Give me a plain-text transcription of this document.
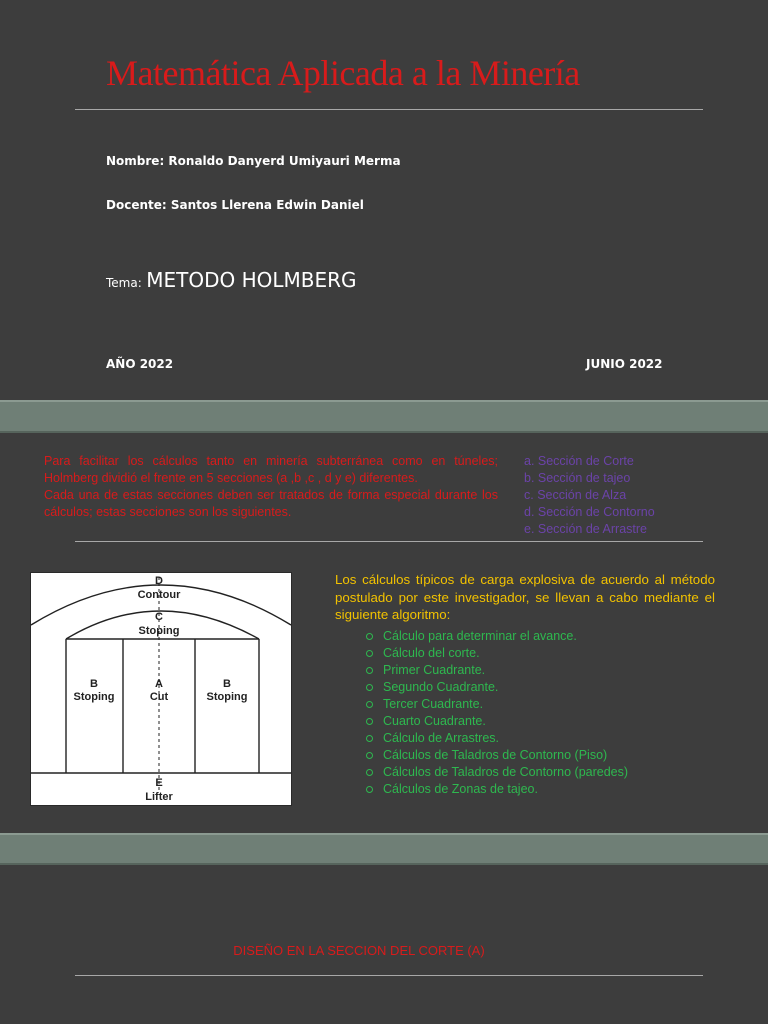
Matemática Aplicada a la Minería
Nombre: Ronaldo Danyerd Umiyauri Merma
Docente: Santos Llerena Edwin Daniel
Tema: METODO HOLMBERG
AÑO 2022	JUNIO 2022

Para facilitar los cálculos tanto en minería subterránea como en túneles; Holmberg dividió el frente en 5 secciones (a ,b ,c , d y e) diferentes.

Cada una de estas secciones deben ser tratados de forma especial durante los cálculos; estas secciones son los siguientes.

a. Sección de Corte
b. Sección de tajeo
c. Sección de Alza
d. Sección de Contorno
e. Sección de Arrastre
D
Contour
C
Stoping
B
Stoping
A
Cut
B
Stoping
E
Lifter
Los cálculos típicos de carga explosiva de acuerdo al método postulado por este investigador, se llevan a cabo mediante el siguiente algoritmo:
Cálculo para determinar el avance.
Cálculo del corte.
Primer Cuadrante.
Segundo Cuadrante.
Tercer Cuadrante.
Cuarto Cuadrante.
Cálculo de Arrastres.
Cálculos de Taladros de Contorno (Piso)
Cálculos de Taladros de Contorno (paredes)
Cálculos de Zonas de tajeo.
DISEÑO EN LA SECCION DEL CORTE (A)
